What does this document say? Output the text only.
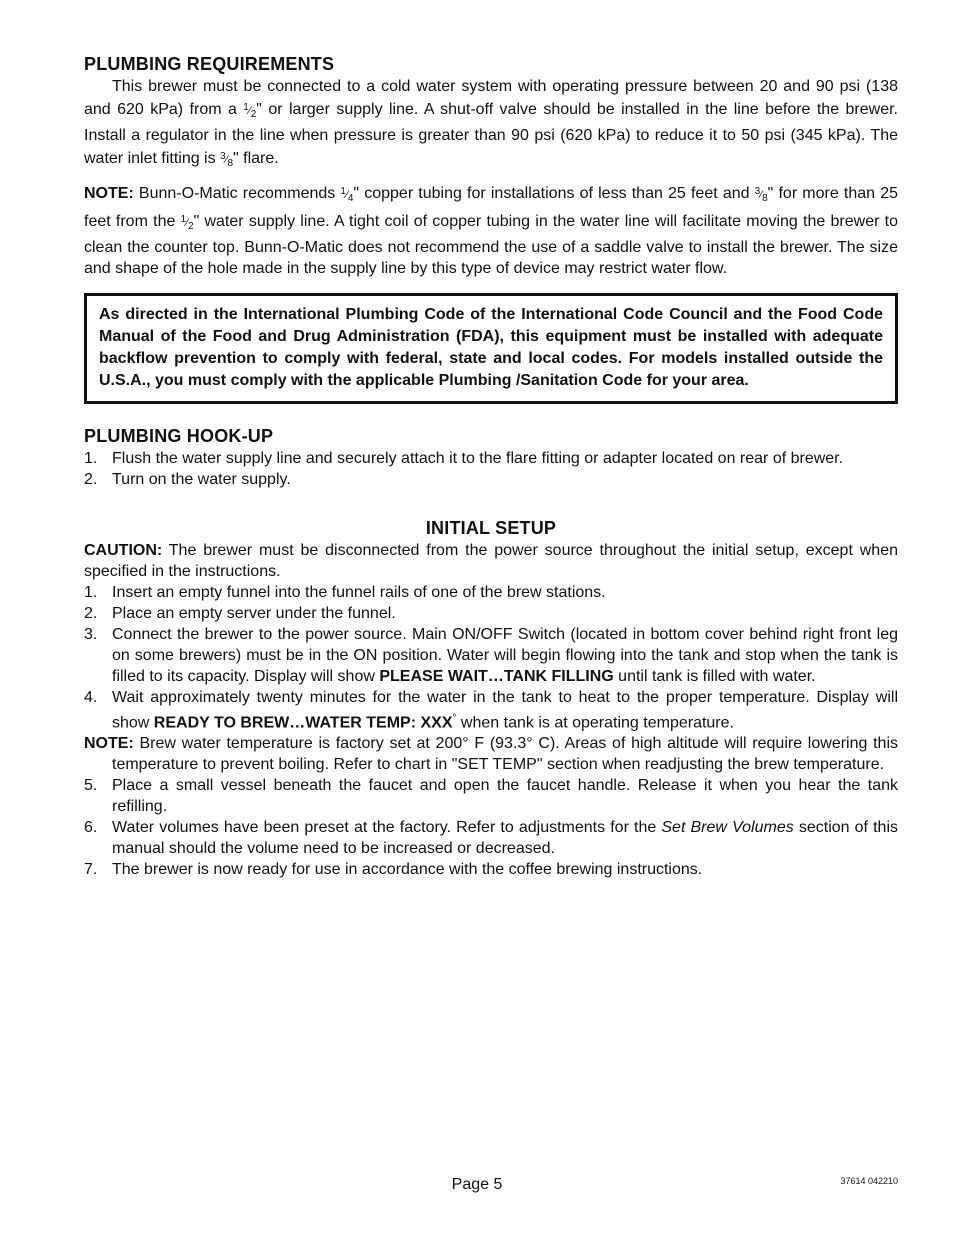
PLUMBING REQUIREMENTS

This brewer must be connected to a cold water system with operating pressure between 20 and 90 psi (138 and 620 kPa) from a $^1⁄_2$" or larger supply line. A shut-off valve should be installed in the line before the brewer. Install a regulator in the line when pressure is greater than 90 psi (620 kPa) to reduce it to 50 psi (345 kPa). The water inlet fitting is $^3⁄_8$" flare.

NOTE: Bunn-O-Matic recommends $^1⁄_4$" copper tubing for installations of less than 25 feet and $^3⁄_8$" for more than 25 feet from the $^1⁄_2$" water supply line. A tight coil of copper tubing in the water line will facilitate moving the brewer to clean the counter top. Bunn-O-Matic does not recommend the use of a saddle valve to install the brewer. The size and shape of the hole made in the supply line by this type of device may restrict water flow.

As directed in the International Plumbing Code of the International Code Council and the Food Code Manual of the Food and Drug Administration (FDA), this equipment must be installed with adequate backflow prevention to comply with federal, state and local codes. For models installed outside the U.S.A., you must comply with the applicable Plumbing /Sanitation Code for your area.
PLUMBING HOOK-UP
1. Flush the water supply line and securely attach it to the flare fitting or adapter located on rear of brewer.
2. Turn on the water supply.
INITIAL SETUP

CAUTION: The brewer must be disconnected from the power source throughout the initial setup, except when specified in the instructions.

1. Insert an empty funnel into the funnel rails of one of the brew stations.
2. Place an empty server under the funnel.
3. Connect the brewer to the power source. Main ON/OFF Switch (located in bottom cover behind right front leg on some brewers) must be in the ON position. Water will begin flowing into the tank and stop when the tank is filled to its capacity. Display will show PLEASE WAIT…TANK FILLING until tank is filled with water.
4. Wait approximately twenty minutes for the water in the tank to heat to the proper temperature. Display will show READY TO BREW…WATER TEMP: XXX° when tank is at operating temperature.
NOTE: Brew water temperature is factory set at 200° F (93.3° C). Areas of high altitude will require lowering this temperature to prevent boiling. Refer to chart in "SET TEMP" section when readjusting the brew temperature.
5. Place a small vessel beneath the faucet and open the faucet handle. Release it when you hear the tank refilling.
6. Water volumes have been preset at the factory. Refer to adjustments for the Set Brew Volumes section of this manual should the volume need to be increased or decreased.
7. The brewer is now ready for use in accordance with the coffee brewing instructions.
Page 5	37614 042210
